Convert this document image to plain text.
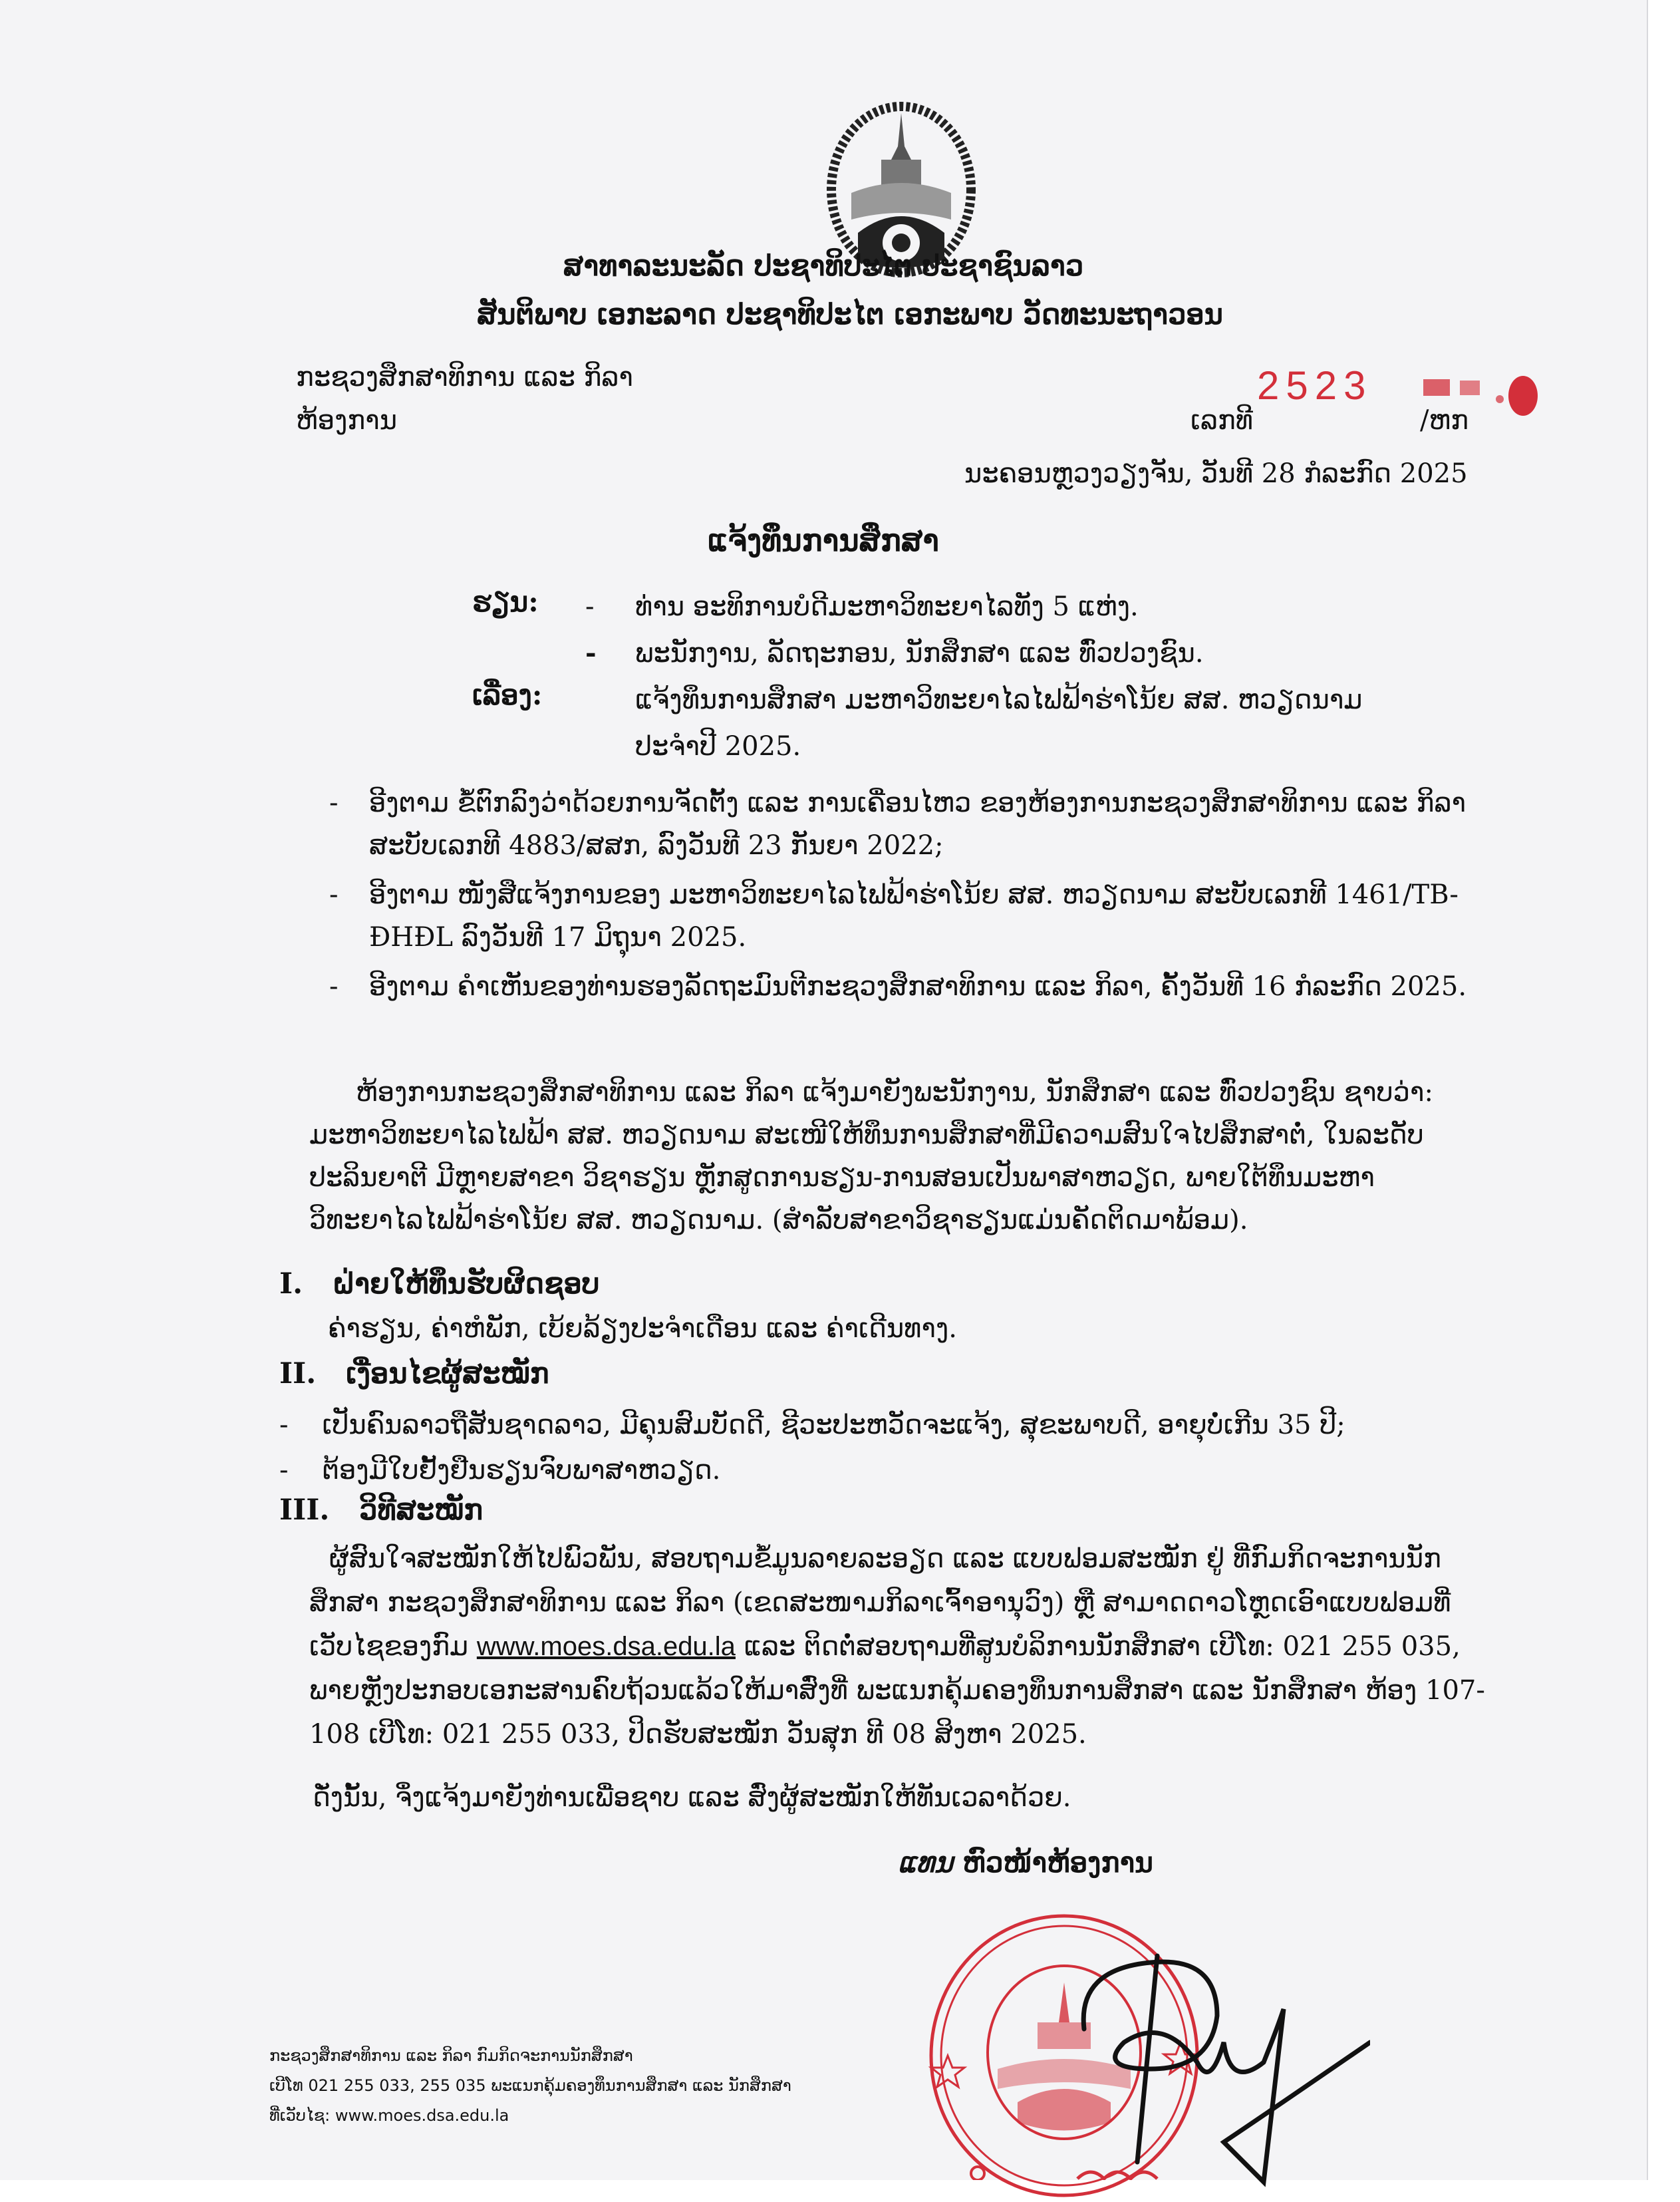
ສາທາລະນະລັດ ປະຊາທິປະໄຕ ປະຊາຊົນລາວ
ສັນຕິພາບ ເອກະລາດ ປະຊາທິປະໄຕ ເອກະພາບ ວັດທະນະຖາວອນ
ກະຊວງສຶກສາທິການ ແລະ ກິລາ
ຫ້ອງການ
2523
ເລກທີ	/ຫກ
ນະຄອນຫຼວງວຽງຈັນ, ວັນທີ 28 ກໍລະກົດ 2025
ແຈ້ງທຶນການສຶກສາ
ຮຽນ: - ທ່ານ ອະທິການບໍດີມະຫາວິທະຍາໄລທັງ 5 ແຫ່ງ.
- ພະນັກງານ, ລັດຖະກອນ, ນັກສຶກສາ ແລະ ທົ່ວປວງຊົນ.
ເລື່ອງ:	ແຈ້ງທຶນການສຶກສາ ມະຫາວິທະຍາໄລໄຟຟ້າຮ່າໂນ້ຍ ສສ. ຫວຽດນາມ
ປະຈຳປີ 2025.
- ອີງຕາມ ຂໍ້ຕົກລົງວ່າດ້ວຍການຈັດຕັ້ງ ແລະ ການເຄື່ອນໄຫວ ຂອງຫ້ອງການກະຊວງສຶກສາທິການ ແລະ ກິລາສະບັບເລກທີ 4883/ສສກ, ລົງວັນທີ 23 ກັນຍາ 2022;
- ອີງຕາມ ໜັງສືແຈ້ງການຂອງ ມະຫາວິທະຍາໄລໄຟຟ້າຮ່າໂນ້ຍ ສສ. ຫວຽດນາມ ສະບັບເລກທີ 1461/TB-ĐHĐL ລົງວັນທີ 17 ມິຖຸນາ 2025.
- ອີງຕາມ ຄຳເຫັນຂອງທ່ານຮອງລັດຖະມົນຕີກະຊວງສຶກສາທິການ ແລະ ກິລາ, ຄັ້ງວັນທີ 16 ກໍລະກົດ 2025.
ຫ້ອງການກະຊວງສຶກສາທິການ ແລະ ກິລາ ແຈ້ງມາຍັງພະນັກງານ, ນັກສຶກສາ ແລະ ທົ່ວປວງຊົນ ຊາບວ່າ: ມະຫາວິທະຍາໄລໄຟຟ້າ ສສ. ຫວຽດນາມ ສະເໜີໃຫ້ທຶນການສຶກສາທີ່ມີຄວາມສົນໃຈໄປສຶກສາຕໍ່, ໃນລະດັບປະລິນຍາຕີ ມີຫຼາຍສາຂາ ວິຊາຮຽນ ຫຼັກສູດການຮຽນ-ການສອນເປັນພາສາຫວຽດ, ພາຍໃຕ້ທຶນມະຫາວິທະຍາໄລໄຟຟ້າຮ່າໂນ້ຍ ສສ. ຫວຽດນາມ. (ສຳລັບສາຂາວິຊາຮຽນແມ່ນຄັດຕິດມາພ້ອມ).
I. ຝ່າຍໃຫ້ທຶນຮັບຜິດຊອບ
ຄ່າຮຽນ, ຄ່າຫໍພັກ, ເບ້ຍລ້ຽງປະຈຳເດືອນ ແລະ ຄ່າເດີນທາງ.
II. ເງື່ອນໄຂຜູ້ສະໝັກ
- ເປັນຄົນລາວຖືສັນຊາດລາວ, ມີຄຸນສົມບັດດີ, ຊີວະປະຫວັດຈະແຈ້ງ, ສຸຂະພາບດີ, ອາຍຸບໍ່ເກີນ 35 ປີ;
- ຕ້ອງມີໃບຢັ້ງຢືນຮຽນຈົບພາສາຫວຽດ.
III. ວິທີສະໝັກ
ຜູ້ສົນໃຈສະໝັກໃຫ້ໄປພົວພັນ, ສອບຖາມຂໍ້ມູນລາຍລະອຽດ ແລະ ແບບຟອມສະໝັກ ຢູ່ ທີ່ກົມກິດຈະການນັກສຶກສາ ກະຊວງສຶກສາທິການ ແລະ ກິລາ (ເຂດສະໜາມກິລາເຈົ້າອານຸວົງ) ຫຼື ສາມາດດາວໂຫຼດເອົາແບບຟອມທີ່ເວັບໄຊຂອງກົມ www.moes.dsa.edu.la ແລະ ຕິດຕໍ່ສອບຖາມທີ່ສູນບໍລິການນັກສຶກສາ ເບີໂທ: 021 255 035, ພາຍຫຼັງປະກອບເອກະສານຄົບຖ້ວນແລ້ວໃຫ້ມາສົ່ງທີ່ ພະແນກຄຸ້ມຄອງທຶນການສຶກສາ ແລະ ນັກສຶກສາ ຫ້ອງ 107-108 ເບີໂທ: 021 255 033, ປິດຮັບສະໝັກ ວັນສຸກ ທີ 08 ສິງຫາ 2025.
ດັ່ງນັ້ນ, ຈຶ່ງແຈ້ງມາຍັງທ່ານເພື່ອຊາບ ແລະ ສົ່ງຜູ້ສະໝັກໃຫ້ທັນເວລາດ້ວຍ.
ແທນ ຫົວໜ້າຫ້ອງການ
ກະຊວງສຶກສາທິການ ແລະ ກິລາ ກົມກິດຈະການນັກສຶກສາ
ເບີໂທ 021 255 033, 255 035 ພະແນກຄຸ້ມຄອງທຶນການສຶກສາ ແລະ ນັກສຶກສາ
ທີ່ເວັບໄຊ: www.moes.dsa.edu.la
